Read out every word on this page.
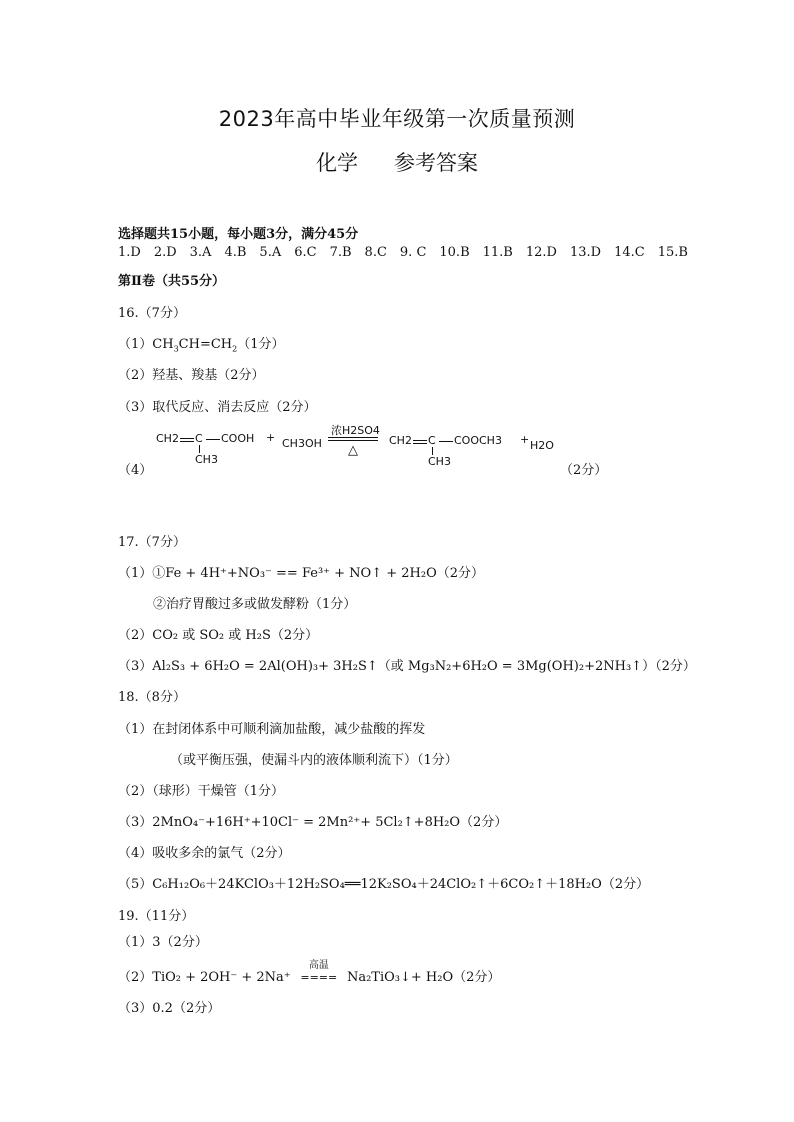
2023年高中毕业年级第一次质量预测
化学 参考答案
选择题共15小题，每小题3分，满分45分
1.D 2.D 3.A 4.B 5.A 6.C 7.B 8.C 9. C 10.B 11.B 12.D 13.D 14.C 15.B
第Ⅱ卷（共55分）
16.（7分）
$(1)CH_3CH=CH_2(1$分）
（2）羟基、羧基（2分）
（3）取代反应、消去反应（2分）
CH2 C COOH
CH3
+ CH3OH
浓H2SO4
△
CH2 C COOCH3
CH3
+ H2O
（4）	（2分）
17.（7分）
（1）①Fe + 4H⁺+NO₃⁻ == Fe³⁺ + NO↑ + 2H₂O（2分）
②治疗胃酸过多或做发酵粉（1分）
（2）CO₂ 或 SO₂ 或 H₂S（2分）
（3）Al₂S₃ + 6H₂O = 2Al(OH)₃+ 3H₂S↑（或 Mg₃N₂+6H₂O = 3Mg(OH)₂+2NH₃↑）（2分）
18.（8分）
（1）在封闭体系中可顺利滴加盐酸，减少盐酸的挥发
（或平衡压强，使漏斗内的液体顺利流下）（1分）
（2）（球形）干燥管（1分）
（3）2MnO₄⁻+16H⁺+10Cl⁻ = 2Mn²⁺+ 5Cl₂↑+8H₂O（2分）
（4）吸收多余的氯气（2分）
（5）C₆H₁₂O₆＋24KClO₃＋12H₂SO₄══12K₂SO₄＋24ClO₂↑＋6CO₂↑＋18H₂O（2分）
19.（11分）
（1）3（2分）
（2）TiO₂ + 2OH⁻ + 2Na⁺
高温
==== Na₂TiO₃↓+ H₂O（2分）
（3）0.2（2分）
